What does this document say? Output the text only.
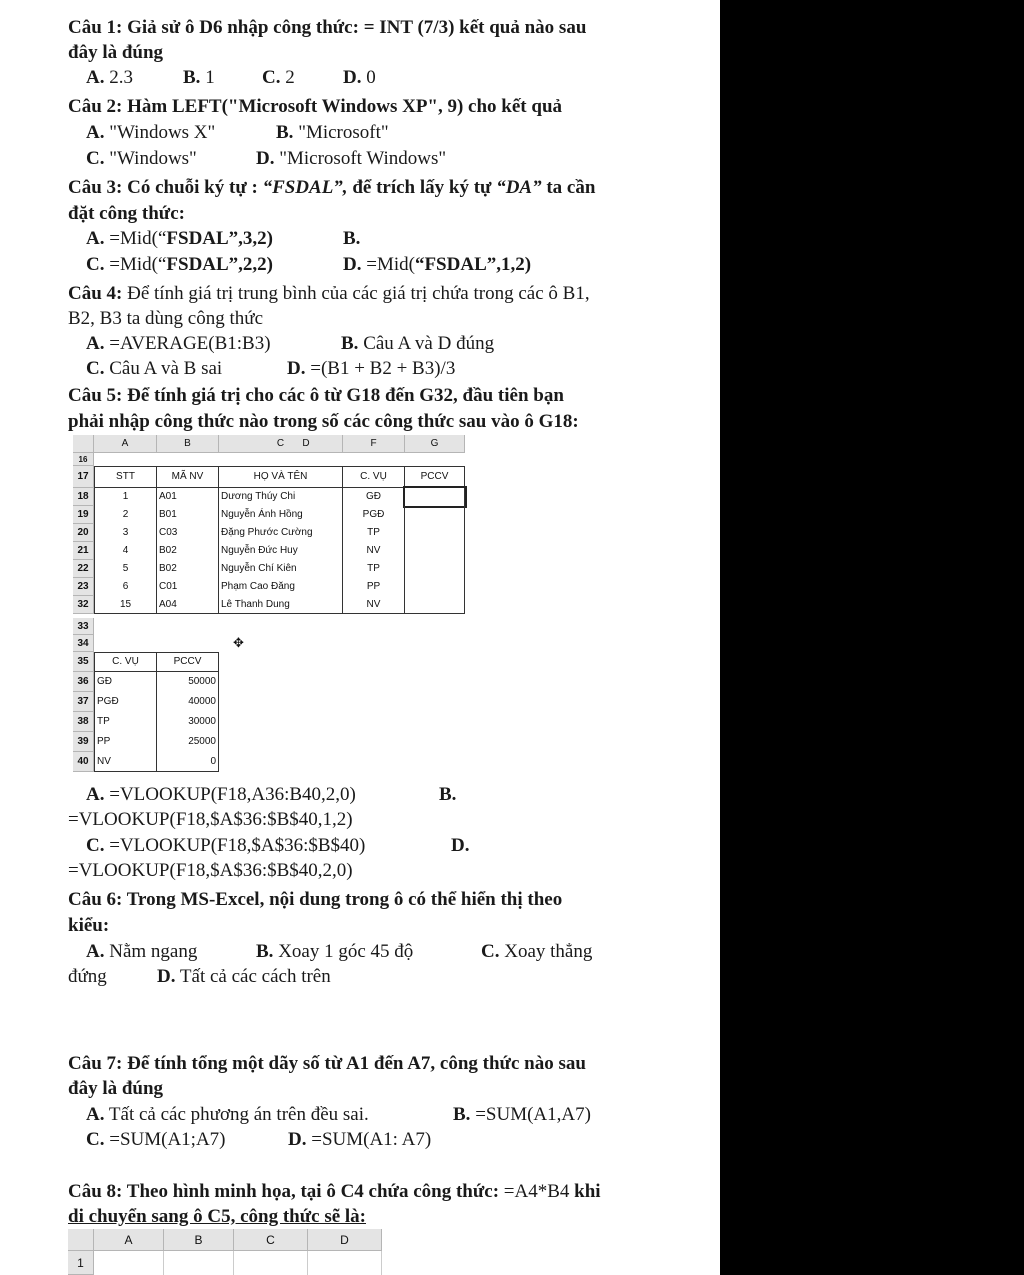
Câu 1: Giả sử ô D6 nhập công thức: = INT (7/3) kết quả nào sau
đây là đúng
A. 2.3	B. 1 C. 2	D. 0
Câu 2: Hàm LEFT("Microsoft Windows XP", 9) cho kết quả
A. "Windows X"	B. "Microsoft"
C. "Windows"	D. "Microsoft Windows"
Câu 3: Có chuỗi ký tự : “FSDAL”, để trích lấy ký tự “DA” ta cần
đặt công thức:
A. =Mid(“FSDAL”,3,2)	B.
C. =Mid(“FSDAL”,2,2)	D. =Mid(“FSDAL”,1,2)
Câu 4: Để tính giá trị trung bình của các giá trị chứa trong các ô B1,
B2, B3 ta dùng công thức
A. =AVERAGE(B1:B3)	B. Câu A và D đúng
C. Câu A và B sai	D. =(B1 + B2 + B3)/3
Câu 5: Để tính giá trị cho các ô từ G18 đến G32, đầu tiên bạn
phải nhập công thức nào trong số các công thức sau vào ô G18:
A	B	C	D	F	G
16
17	STT	MÃ NV	HỌ VÀ TÊN	C. VỤ	PCCV
18	1	A01	Dương Thúy Chi	GĐ
19	2	B01	Nguyễn Ánh Hồng	PGĐ
20	3	C03	Đặng Phước Cường	TP
21	4	B02	Nguyễn Đức Huy	NV
22	5	B02	Nguyễn Chí Kiên	TP
23	6	C01	Phạm Cao Đăng	PP
32	15	A04	Lê Thanh Dung	NV
33
34	✥
35	C. VỤ	PCCV
36 GĐ	50000
37 PGĐ	40000
38 TP	30000
39 PP	25000
40 NV	0
A. =VLOOKUP(F18,A36:B40,2,0)	B.
=VLOOKUP(F18,$A$36:$B$40,1,2)
C. =VLOOKUP(F18,$A$36:$B$40)	D.
=VLOOKUP(F18,$A$36:$B$40,2,0)
Câu 6: Trong MS-Excel, nội dung trong ô có thể hiển thị theo
kiểu:
A. Nằm ngang	B. Xoay 1 góc 45 độ	C. Xoay thẳng
đứng	D. Tất cả các cách trên
Câu 7: Để tính tổng một dãy số từ A1 đến A7, công thức nào sau
đây là đúng
A. Tất cả các phương án trên đều sai.	B. =SUM(A1,A7)
C. =SUM(A1;A7)	D. =SUM(A1: A7)
Câu 8: Theo hình minh họa, tại ô C4 chứa công thức: =A4*B4 khi
di chuyển sang ô C5, công thức sẽ là:
A	B	C	D
1
